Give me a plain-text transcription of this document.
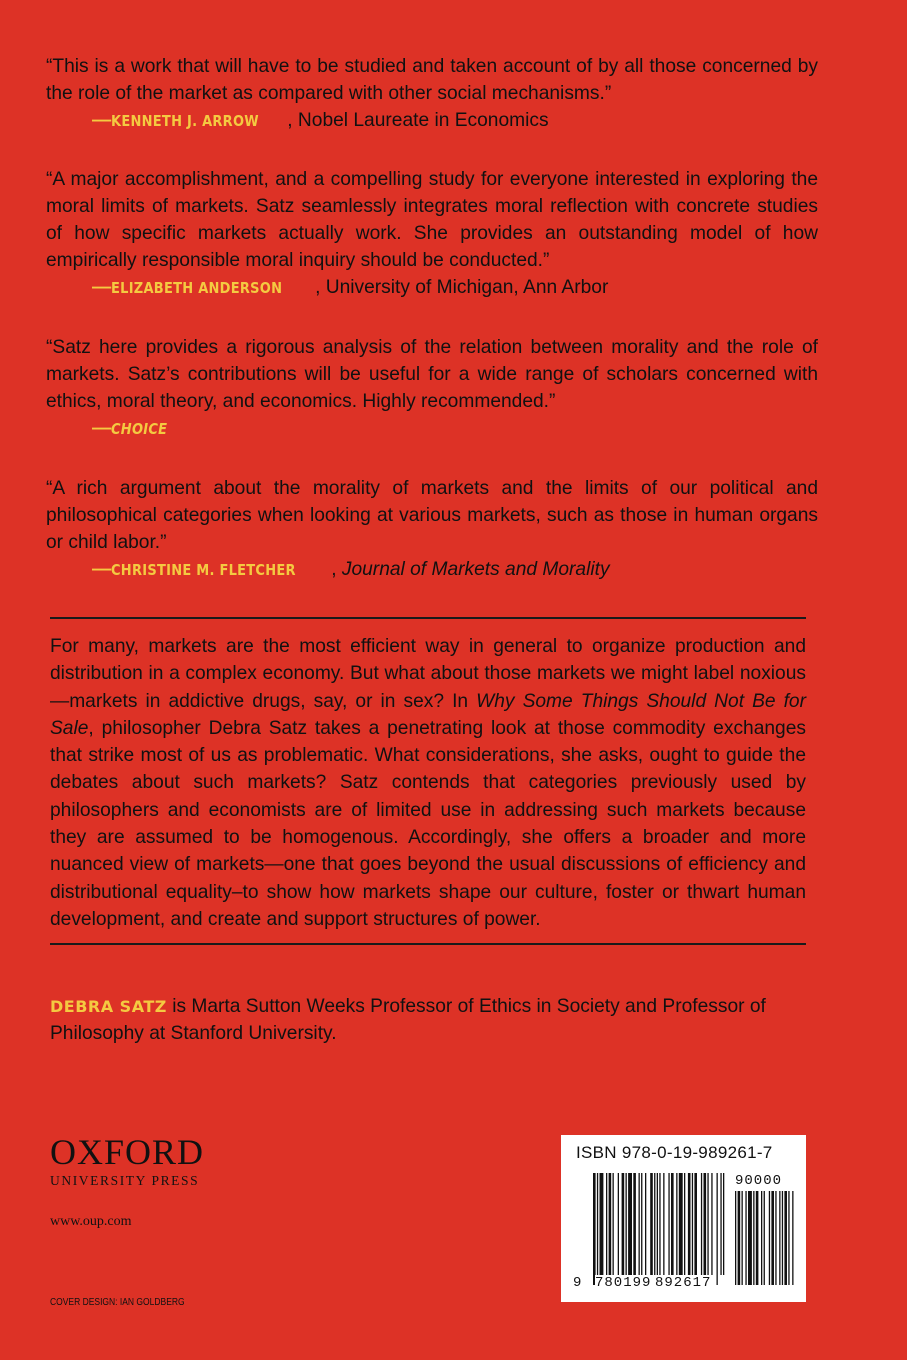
“This is a work that will have to be studied and taken account of by all those concerned by the role of the market as compared with other social mechanisms.”

—KENNETH J. ARROW , Nobel Laureate in Economics

“A major accomplishment, and a compelling study for everyone interested in exploring the moral limits of markets. Satz seamlessly integrates moral reflection with concrete studies of how specific markets actually work. She provides an outstanding model of how empirically responsible moral inquiry should be conducted.”

—ELIZABETH ANDERSON , University of Michigan, Ann Arbor

“Satz here provides a rigorous analysis of the relation between morality and the role of markets. Satz’s contributions will be useful for a wide range of scholars concerned with ethics, moral theory, and economics. Highly recommended.”

—CHOICE

“A rich argument about the morality of markets and the limits of our political and philosophical categories when looking at various markets, such as those in human organs or child labor.”

—CHRISTINE M. FLETCHER , Journal of Markets and Morality

For many, markets are the most efficient way in general to organize production and distribution in a complex economy. But what about those markets we might label noxious—markets in addictive drugs, say, or in sex? In Why Some Things Should Not Be for Sale, philosopher Debra Satz takes a penetrating look at those commodity exchanges that strike most of us as problematic. What considerations, she asks, ought to guide the debates about such markets? Satz contends that categories previously used by philosophers and economists are of limited use in addressing such markets because they are assumed to be homogenous. Accordingly, she offers a broader and more nuanced view of markets—one that goes beyond the usual discussions of efficiency and distributional equality–to show how markets shape our culture, foster or thwart human development, and create and support structures of power.

DEBRA SATZ is Marta Sutton Weeks Professor of Ethics in Society and Professor of Philosophy at Stanford University.

OXFORD
UNIVERSITY PRESS
www.oup.com
COVER DESIGN: IAN GOLDBERG
ISBN 978-0-19-989261-7
90000
9 780199 892617
